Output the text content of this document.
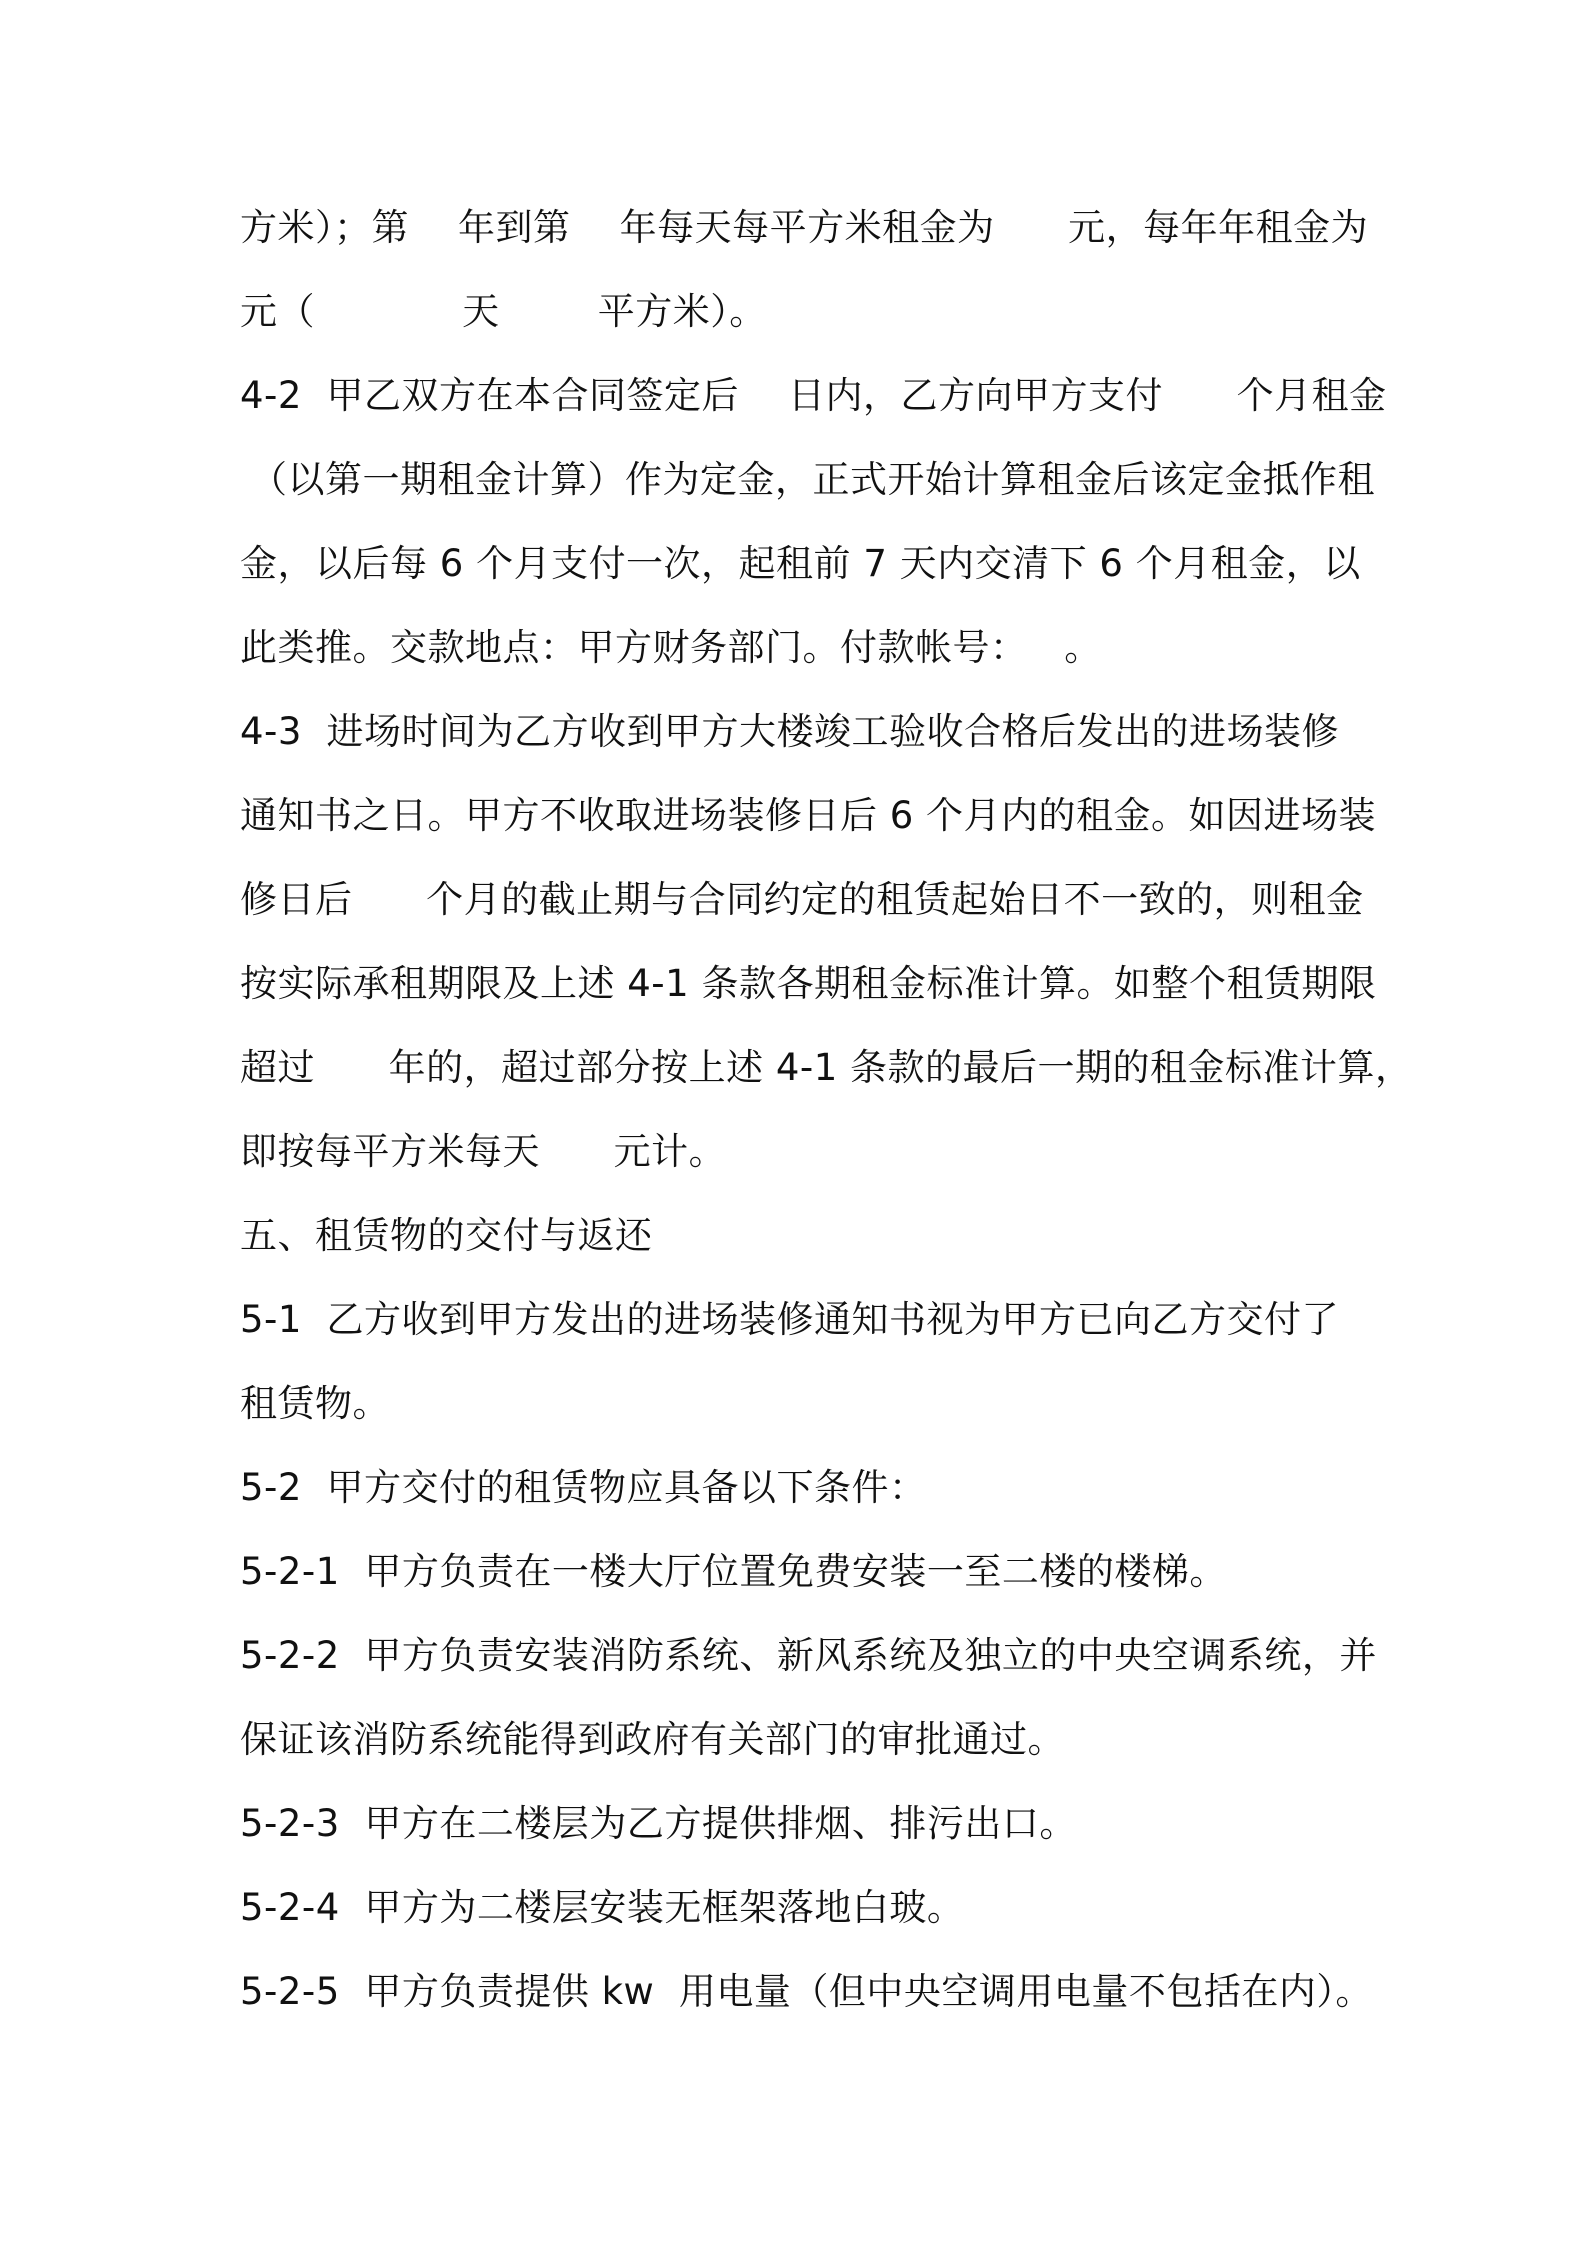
方米）；第    年到第    年每天每平方米租金为      元，每年年租金为
元（            天        平方米）。
4-2  甲乙双方在本合同签定后    日内，乙方向甲方支付      个月租金
（以第一期租金计算）作为定金，正式开始计算租金后该定金抵作租
金，以后每 6 个月支付一次，起租前 7 天内交清下 6 个月租金，以
此类推。交款地点：甲方财务部门。付款帐号：   。
4-3  进场时间为乙方收到甲方大楼竣工验收合格后发出的进场装修
通知书之日。甲方不收取进场装修日后 6 个月内的租金。如因进场装
修日后      个月的截止期与合同约定的租赁起始日不一致的，则租金
按实际承租期限及上述 4-1 条款各期租金标准计算。如整个租赁期限
超过      年的，超过部分按上述 4-1 条款的最后一期的租金标准计算，
即按每平方米每天      元计。
五、租赁物的交付与返还
5-1  乙方收到甲方发出的进场装修通知书视为甲方已向乙方交付了
租赁物。
5-2  甲方交付的租赁物应具备以下条件：
5-2-1  甲方负责在一楼大厅位置免费安装一至二楼的楼梯。
5-2-2  甲方负责安装消防系统、新风系统及独立的中央空调系统，并
保证该消防系统能得到政府有关部门的审批通过。
5-2-3  甲方在二楼层为乙方提供排烟、排污出口。
5-2-4  甲方为二楼层安装无框架落地白玻。
5-2-5  甲方负责提供 kw  用电量（但中央空调用电量不包括在内）。
